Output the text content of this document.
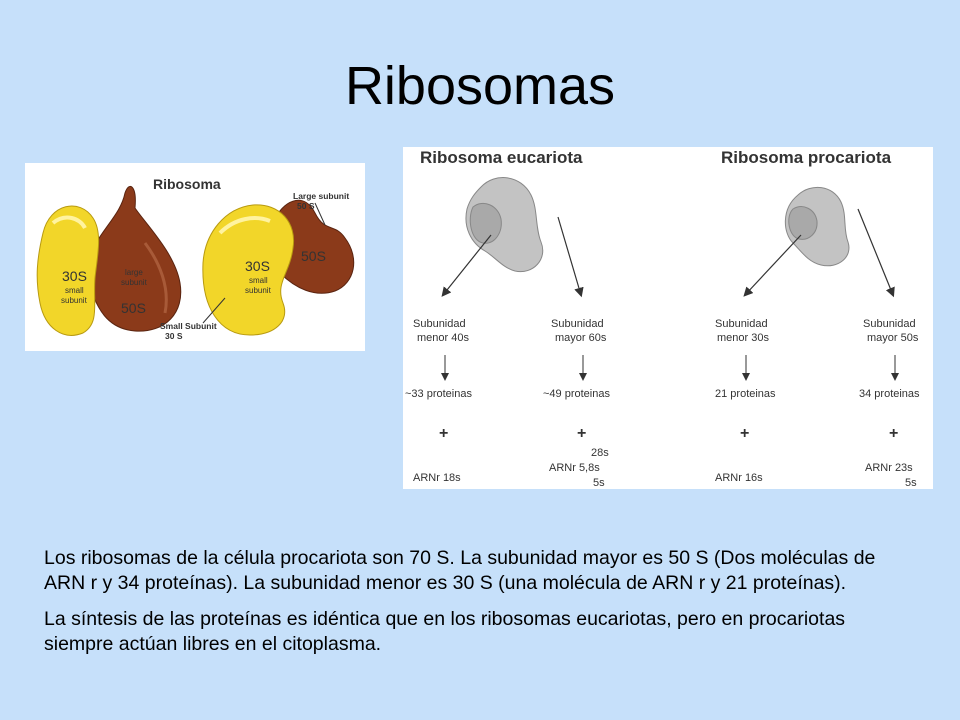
Ribosomas
Ribosoma
Large subunit
50 S
Small Subunit
30 S
30S
small
subunit
large
subunit
50S
30S
small
subunit
50S
Ribosoma eucariota	Ribosoma procariota
Subunidad
menor 40s
~33 proteinas
+
ARNr 18s
Subunidad
mayor 60s
~49 proteinas
+
28s
ARNr 5,8s
5s
Subunidad
menor 30s
21 proteinas
+
ARNr 16s
Subunidad
mayor 50s
34 proteinas
+
ARNr 23s
5s

Los ribosomas de la célula procariota son 70 S. La subunidad mayor es 50 S (Dos moléculas de ARN r y 34 proteínas). La subunidad menor es 30 S (una molécula de ARN r y 21 proteínas).

La síntesis de las proteínas es idéntica que en los ribosomas eucariotas, pero en procariotas siempre actúan libres en el citoplasma.
